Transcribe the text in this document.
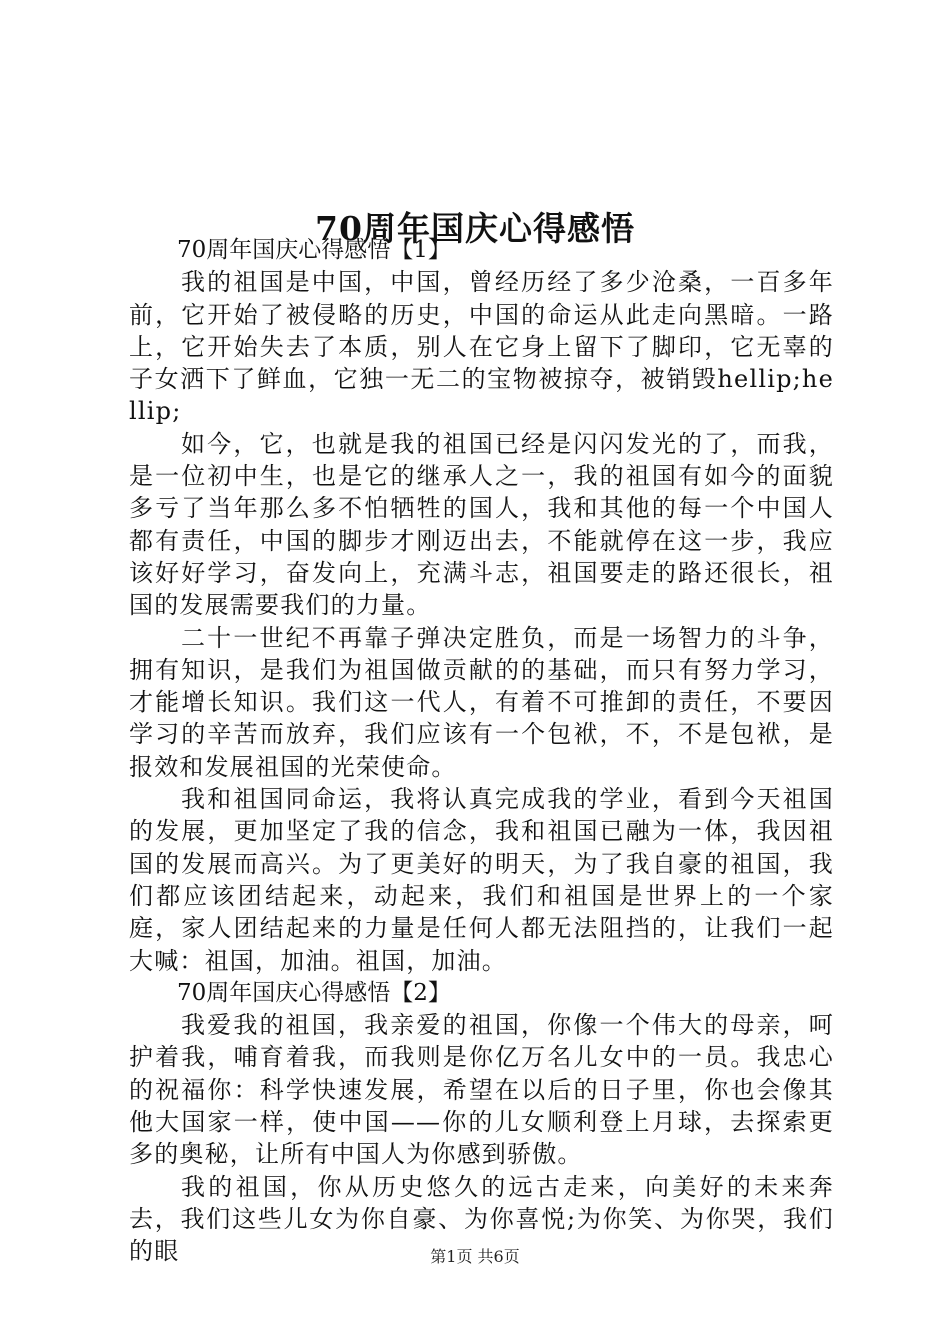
70周年国庆心得感悟

70周年国庆心得感悟【1】

我的祖国是中国，中国，曾经历经了多少沧桑，一百多年前，它开始了被侵略的历史，中国的命运从此走向黑暗。一路上，它开始失去了本质，别人在它身上留下了脚印，它无辜的子女洒下了鲜血，它独一无二的宝物被掠夺，被销毁hellip;hellip;

如今，它，也就是我的祖国已经是闪闪发光的了，而我，是一位初中生，也是它的继承人之一，我的祖国有如今的面貌多亏了当年那么多不怕牺牲的国人，我和其他的每一个中国人都有责任，中国的脚步才刚迈出去，不能就停在这一步，我应该好好学习，奋发向上，充满斗志，祖国要走的路还很长，祖国的发展需要我们的力量。

二十一世纪不再靠子弹决定胜负，而是一场智力的斗争，拥有知识，是我们为祖国做贡献的的基础，而只有努力学习，才能增长知识。我们这一代人，有着不可推卸的责任，不要因学习的辛苦而放弃，我们应该有一个包袱，不，不是包袱，是报效和发展祖国的光荣使命。

我和祖国同命运，我将认真完成我的学业，看到今天祖国的发展，更加坚定了我的信念，我和祖国已融为一体，我因祖国的发展而高兴。为了更美好的明天，为了我自豪的祖国，我们都应该团结起来，动起来，我们和祖国是世界上的一个家庭，家人团结起来的力量是任何人都无法阻挡的，让我们一起大喊：祖国，加油。祖国，加油。

70周年国庆心得感悟【2】

我爱我的祖国，我亲爱的祖国，你像一个伟大的母亲，呵护着我，哺育着我，而我则是你亿万名儿女中的一员。我忠心的祝福你：科学快速发展，希望在以后的日子里，你也会像其他大国家一样，使中国——你的儿女顺利登上月球，去探索更多的奥秘，让所有中国人为你感到骄傲。

我的祖国，你从历史悠久的远古走来，向美好的未来奔去，我们这些儿女为你自豪、为你喜悦;为你笑、为你哭，我们的眼	第1页 共6页
